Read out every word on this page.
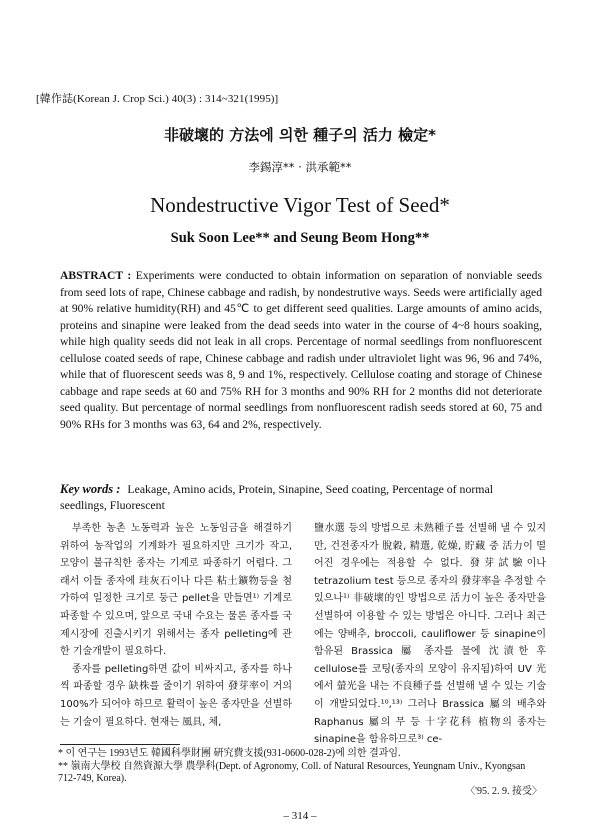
[韓作誌(Korean J. Crop Sci.) 40(3) : 314~321(1995)]
非破壞的 方法에 의한 種子의 活力 檢定*
李錫淳** · 洪承範**
Nondestructive Vigor Test of Seed*
Suk Soon Lee** and Seung Beom Hong**
ABSTRACT : Experiments were conducted to obtain information on separation of nonviable seeds from seed lots of rape, Chinese cabbage and radish, by nondestrutive ways. Seeds were artificially aged at 90% relative humidity(RH) and 45℃ to get different seed qualities. Large amounts of amino acids, proteins and sinapine were leaked from the dead seeds into water in the course of 4~8 hours soaking, while high quality seeds did not leak in all crops. Percentage of normal seedlings from nonfluorescent cellulose coated seeds of rape, Chinese cabbage and radish under ultraviolet light was 96, 96 and 74%, while that of fluorescent seeds was 8, 9 and 1%, respectively. Cellulose coating and storage of Chinese cabbage and rape seeds at 60 and 75% RH for 3 months and 90% RH for 2 months did not deteriorate seed quality. But percentage of normal seedlings from nonfluorescent radish seeds stored at 60, 75 and 90% RHs for 3 months was 63, 64 and 2%, respectively.
Key words : Leakage, Amino acids, Protein, Sinapine, Seed coating, Percentage of normal seedlings, Fluorescent

부족한 농촌 노동력과 높은 노동임금을 해결하기 위하여 농작업의 기계화가 필요하지만 크기가 작고, 모양이 불규칙한 종자는 기계로 파종하기 어렵다. 그래서 이들 종자에 珪灰石이나 다른 粘土鑛物등을 첨가하여 일정한 크기로 둥근 pellet을 만들면¹⁾ 기계로 파종할 수 있으며, 앞으로 국내 수요는 물론 종자를 국제시장에 진출시키기 위해서는 종자 pelleting에 관한 기술개발이 필요하다.

종자를 pelleting하면 값이 비싸지고, 종자를 하나씩 파종할 경우 缺株를 줄이기 위하여 發芽率이 거의 100%가 되어야 하므로 활력이 높은 종자만을 선별하는 기술이 필요하다. 현재는 風具, 체,

鹽水選 등의 방법으로 未熟種子를 선별해 낼 수 있지만, 건전종자가 脫穀, 精選, 乾燥, 貯藏 중 活力이 떨어진 경우에는 적용할 수 없다. 發芽試驗이나 tetrazolium test 등으로 종자의 發芽率을 추정할 수 있으나¹⁾ 非破壞的인 방법으로 活力이 높은 종자만을 선별하여 이용할 수 있는 방법은 아니다. 그러나 최근에는 양배추, broccoli, cauliflower 등 sinapine이 함유된 Brassica 屬 종자를 물에 沈漬한 후 cellulose를 코팅(종자의 모양이 유지됨)하여 UV 光에서 螢光을 내는 不良種子를 선별해 낼 수 있는 기술이 개발되었다.¹⁰,¹³⁾ 그러나 Brassica 屬의 배추와 Raphanus 屬의 무 등 十字花科 植物의 종자는 sinapine을 함유하므로³⁾ ce-

* 이 연구는 1993년도 韓國科學財團 硏究費支援(931-0600-028-2)에 의한 결과임.
** 嶺南大學校 自然資源大學 農學科(Dept. of Agronomy, Coll. of Natural Resources, Yeungnam Univ., Kyongsan 712-749, Korea).
〈'95. 2. 9. 接受〉
– 314 –
